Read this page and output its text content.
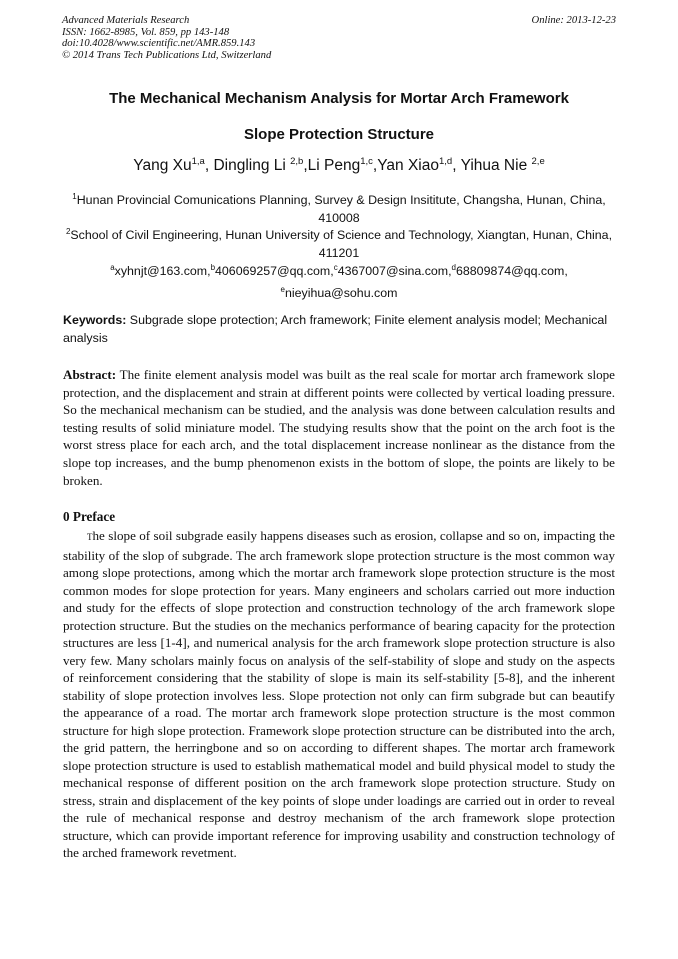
Advanced Materials Research
ISSN: 1662-8985, Vol. 859, pp 143-148
doi:10.4028/www.scientific.net/AMR.859.143
© 2014 Trans Tech Publications Ltd, Switzerland
Online: 2013-12-23
The Mechanical Mechanism Analysis for Mortar Arch Framework
Slope Protection Structure
Yang Xu$^{1,a}$, Dingling Li $^{2,b}$,Li Peng$^{1,c}$,Yan Xiao$^{1,d}$, Yihua Nie $^{2,e}$
$^1$Hunan Provincial Comunications Planning, Survey & Design Insititute, Changsha, Hunan, China, 410008
$^2$School of Civil Engineering, Hunan University of Science and Technology, Xiangtan, Hunan, China, 411201
$^a$xyhnjt@163.com,$^b$406069257@qq.com,$^c$4367007@sina.com,$^d$68809874@qq.com,
$^e$nieyihua@sohu.com
Keywords: Subgrade slope protection; Arch framework; Finite element analysis model; Mechanical analysis
Abstract: The finite element analysis model was built as the real scale for mortar arch framework slope protection, and the displacement and strain at different points were collected by vertical loading pressure. So the mechanical mechanism can be studied, and the analysis was done between calculation results and testing results of solid miniature model. The studying results show that the point on the arch foot is the worst stress place for each arch, and the total displacement increase nonlinear as the distance from the slope top increases, and the bump phenomenon exists in the bottom of slope, the points are likely to be broken.
0 Preface
The slope of soil subgrade easily happens diseases such as erosion, collapse and so on, impacting the stability of the slop of subgrade. The arch framework slope protection structure is the most common way among slope protections, among which the mortar arch framework slope protection structure is the most common modes for slope protection for years. Many engineers and scholars carried out more induction and study for the effects of slope protection and construction technology of the arch framework slope protection structure. But the studies on the mechanics performance of bearing capacity for the protection structures are less [1-4], and numerical analysis for the arch framework slope protection structure is also very few. Many scholars mainly focus on analysis of the self-stability of slope and study on the aspects of reinforcement considering that the stability of slope is main its self-stability [5-8], and the inherent stability of slope protection involves less. Slope protection not only can firm subgrade but can beautify the appearance of a road. The mortar arch framework slope protection structure is the most common structure for high slope protection. Framework slope protection structure can be distributed into the arch, the grid pattern, the herringbone and so on according to different shapes. The mortar arch framework slope protection structure is used to establish mathematical model and build physical model to study the mechanical response of different position on the arch framework slope protection structure. Study on stress, strain and displacement of the key points of slope under loadings are carried out in order to reveal the rule of mechanical response and destroy mechanism of the arch framework slope protection structure, which can provide important reference for improving usability and construction technology of the arched framework revetment.
